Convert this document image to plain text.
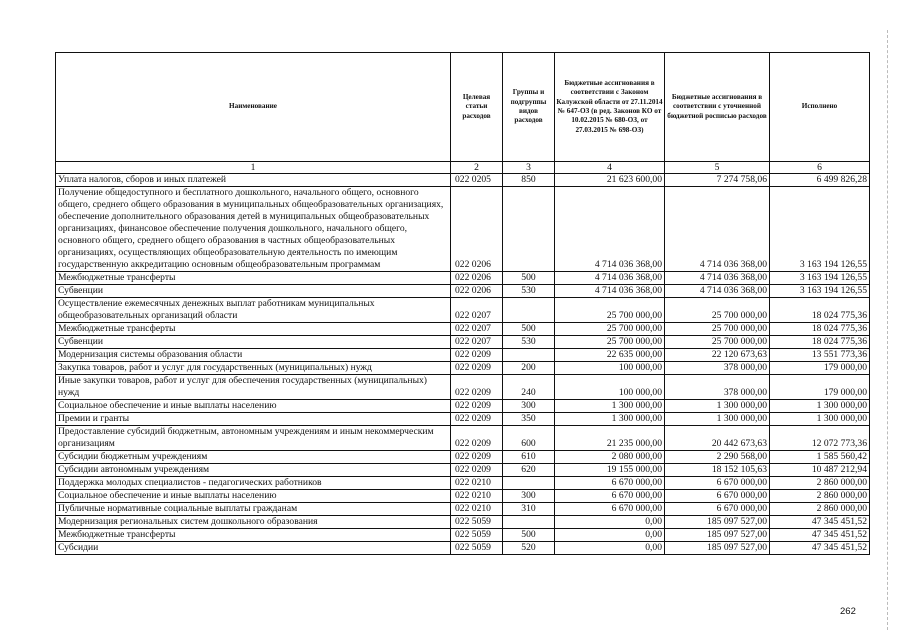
Наименование	Целевая статьи расходов	Группы и подгруппы видов расходов	Бюджетные ассигнования в соответствии с Законом Калужской области от 27.11.2014 № 647-ОЗ (в ред. Законов КО от 10.02.2015 № 680-ОЗ, от 27.03.2015 № 698-ОЗ)	Бюджетные ассигнования в соответствии с уточненной бюджетной росписью расходов	Исполнено
1	2	3	4	5	6
Уплата налогов, сборов и иных платежей	022 0205	850	21 623 600,00	7 274 758,06	6 499 826,28
Получение общедоступного и бесплатного дошкольного, начального общего, основного общего, среднего общего образования в муниципальных общеобразовательных организациях, обеспечение дополнительного образования детей в муниципальных общеобразовательных организациях, финансовое обеспечение получения дошкольного, начального общего, основного общего, среднего общего образования в частных общеобразовательных организациях, осуществляющих общеобразовательную деятельность по имеющим государственную аккредитацию основным общеобразовательным программам	022 0206		4 714 036 368,00	4 714 036 368,00	3 163 194 126,55
Межбюджетные трансферты	022 0206	500	4 714 036 368,00	4 714 036 368,00	3 163 194 126,55
Субвенции	022 0206	530	4 714 036 368,00	4 714 036 368,00	3 163 194 126,55
Осуществление ежемесячных денежных выплат работникам муниципальных общеобразовательных организаций области	022 0207		25 700 000,00	25 700 000,00	18 024 775,36
Межбюджетные трансферты	022 0207	500	25 700 000,00	25 700 000,00	18 024 775,36
Субвенции	022 0207	530	25 700 000,00	25 700 000,00	18 024 775,36
Модернизация системы образования области	022 0209		22 635 000,00	22 120 673,63	13 551 773,36
Закупка товаров, работ и услуг для государственных (муниципальных) нужд	022 0209	200	100 000,00	378 000,00	179 000,00
Иные закупки товаров, работ и услуг для обеспечения государственных (муниципальных) нужд	022 0209	240	100 000,00	378 000,00	179 000,00
Социальное обеспечение и иные выплаты населению	022 0209	300	1 300 000,00	1 300 000,00	1 300 000,00
Премии и гранты	022 0209	350	1 300 000,00	1 300 000,00	1 300 000,00
Предоставление субсидий бюджетным, автономным учреждениям и иным некоммерческим организациям	022 0209	600	21 235 000,00	20 442 673,63	12 072 773,36
Субсидии бюджетным учреждениям	022 0209	610	2 080 000,00	2 290 568,00	1 585 560,42
Субсидии автономным учреждениям	022 0209	620	19 155 000,00	18 152 105,63	10 487 212,94
Поддержка молодых специалистов - педагогических работников	022 0210		6 670 000,00	6 670 000,00	2 860 000,00
Социальное обеспечение и иные выплаты населению	022 0210	300	6 670 000,00	6 670 000,00	2 860 000,00
Публичные нормативные социальные выплаты гражданам	022 0210	310	6 670 000,00	6 670 000,00	2 860 000,00
Модернизация региональных систем дошкольного образования	022 5059		0,00	185 097 527,00	47 345 451,52
Межбюджетные трансферты	022 5059	500	0,00	185 097 527,00	47 345 451,52
Субсидии	022 5059	520	0,00	185 097 527,00	47 345 451,52
262
